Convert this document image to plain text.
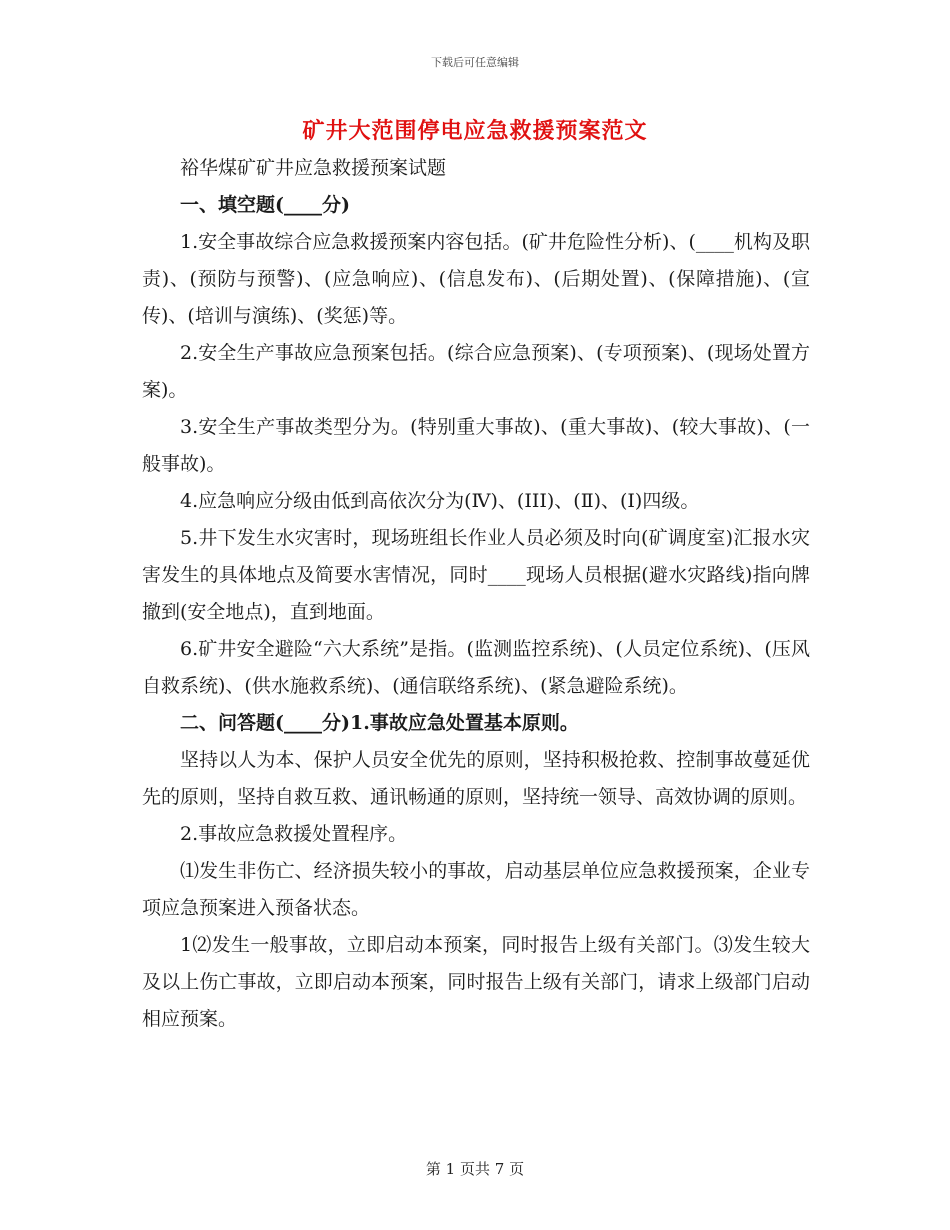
下载后可任意编辑
矿井大范围停电应急救援预案范文

裕华煤矿矿井应急救援预案试题

一、填空题(____分)

1.安全事故综合应急救援预案内容包括。(矿井危险性分析)、(____机构及职责)、(预防与预警)、(应急响应)、(信息发布)、(后期处置)、(保障措施)、(宣传)、(培训与演练)、(奖惩)等。

2.安全生产事故应急预案包括。(综合应急预案)、(专项预案)、(现场处置方案)。

3.安全生产事故类型分为。(特别重大事故)、(重大事故)、(较大事故)、(一般事故)。

4.应急响应分级由低到高依次分为(Ⅳ)、(III)、(Ⅱ)、(Ⅰ)四级。

5.井下发生水灾害时，现场班组长作业人员必须及时向(矿调度室)汇报水灾害发生的具体地点及简要水害情况，同时____现场人员根据(避水灾路线)指向牌撤到(安全地点)，直到地面。

6.矿井安全避险“六大系统”是指。(监测监控系统)、(人员定位系统)、(压风自救系统)、(供水施救系统)、(通信联络系统)、(紧急避险系统)。

二、问答题(____分)1.事故应急处置基本原则。

坚持以人为本、保护人员安全优先的原则，坚持积极抢救、控制事故蔓延优先的原则，坚持自救互救、通讯畅通的原则，坚持统一领导、高效协调的原则。

2.事故应急救援处置程序。

⑴发生非伤亡、经济损失较小的事故，启动基层单位应急救援预案，企业专项应急预案进入预备状态。

1⑵发生一般事故，立即启动本预案，同时报告上级有关部门。⑶发生较大及以上伤亡事故，立即启动本预案，同时报告上级有关部门，请求上级部门启动相应预案。

第 1 页共 7 页
